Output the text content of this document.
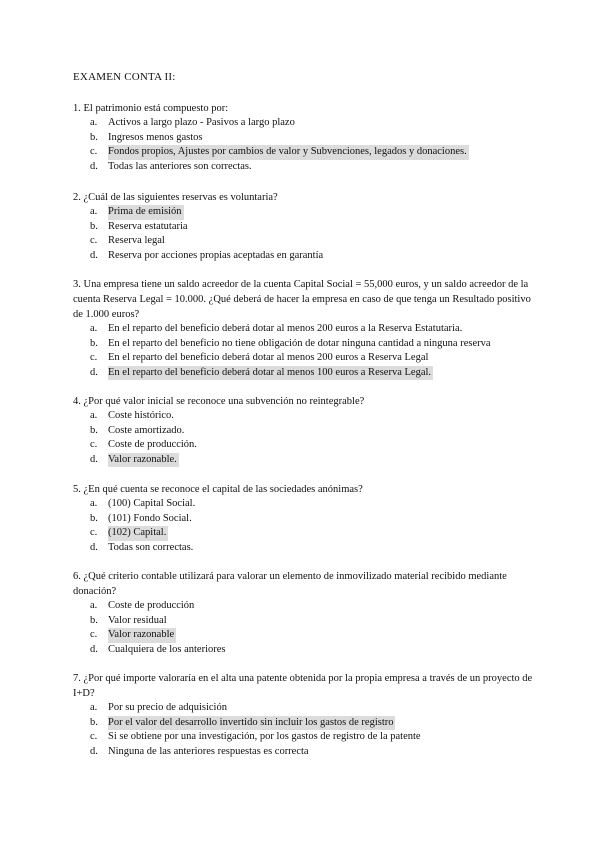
EXAMEN CONTA II:

1. El patrimonio está compuesto por:

a. Activos a largo plazo - Pasivos a largo plazo
b. Ingresos menos gastos
c. Fondos propios, Ajustes por cambios de valor y Subvenciones, legados y donaciones.
d. Todas las anteriores son correctas.

2. ¿Cuál de las siguientes reservas es voluntaria?

a. Prima de emisión
b. Reserva estatutaria
c. Reserva legal
d. Reserva por acciones propias aceptadas en garantía

3. Una empresa tiene un saldo acreedor de la cuenta Capital Social = 55,000 euros, y un saldo acreedor de la cuenta Reserva Legal = 10.000. ¿Qué deberá de hacer la empresa en caso de que tenga un Resultado positivo de 1.000 euros?

a. En el reparto del beneficio deberá dotar al menos 200 euros a la Reserva Estatutaria.
b. En el reparto del beneficio no tiene obligación de dotar ninguna cantidad a ninguna reserva
c. En el reparto del beneficio deberá dotar al menos 200 euros a Reserva Legal
d. En el reparto del beneficio deberá dotar al menos 100 euros a Reserva Legal.

4. ¿Por qué valor inicial se reconoce una subvención no reintegrable?

a. Coste histórico.
b. Coste amortizado.
c. Coste de producción.
d. Valor razonable.

5. ¿En qué cuenta se reconoce el capital de las sociedades anónimas?

a. (100) Capital Social.
b. (101) Fondo Social.
c. (102) Capital.
d. Todas son correctas.

6. ¿Qué criterio contable utilizará para valorar un elemento de inmovilizado material recibido mediante donación?

a. Coste de producción
b. Valor residual
c. Valor razonable
d. Cualquiera de los anteriores

7. ¿Por qué importe valoraría en el alta una patente obtenida por la propia empresa a través de un proyecto de I+D?

a. Por su precio de adquisición
b. Por el valor del desarrollo invertido sin incluir los gastos de registro
c. Si se obtiene por una investigación, por los gastos de registro de la patente
d. Ninguna de las anteriores respuestas es correcta
